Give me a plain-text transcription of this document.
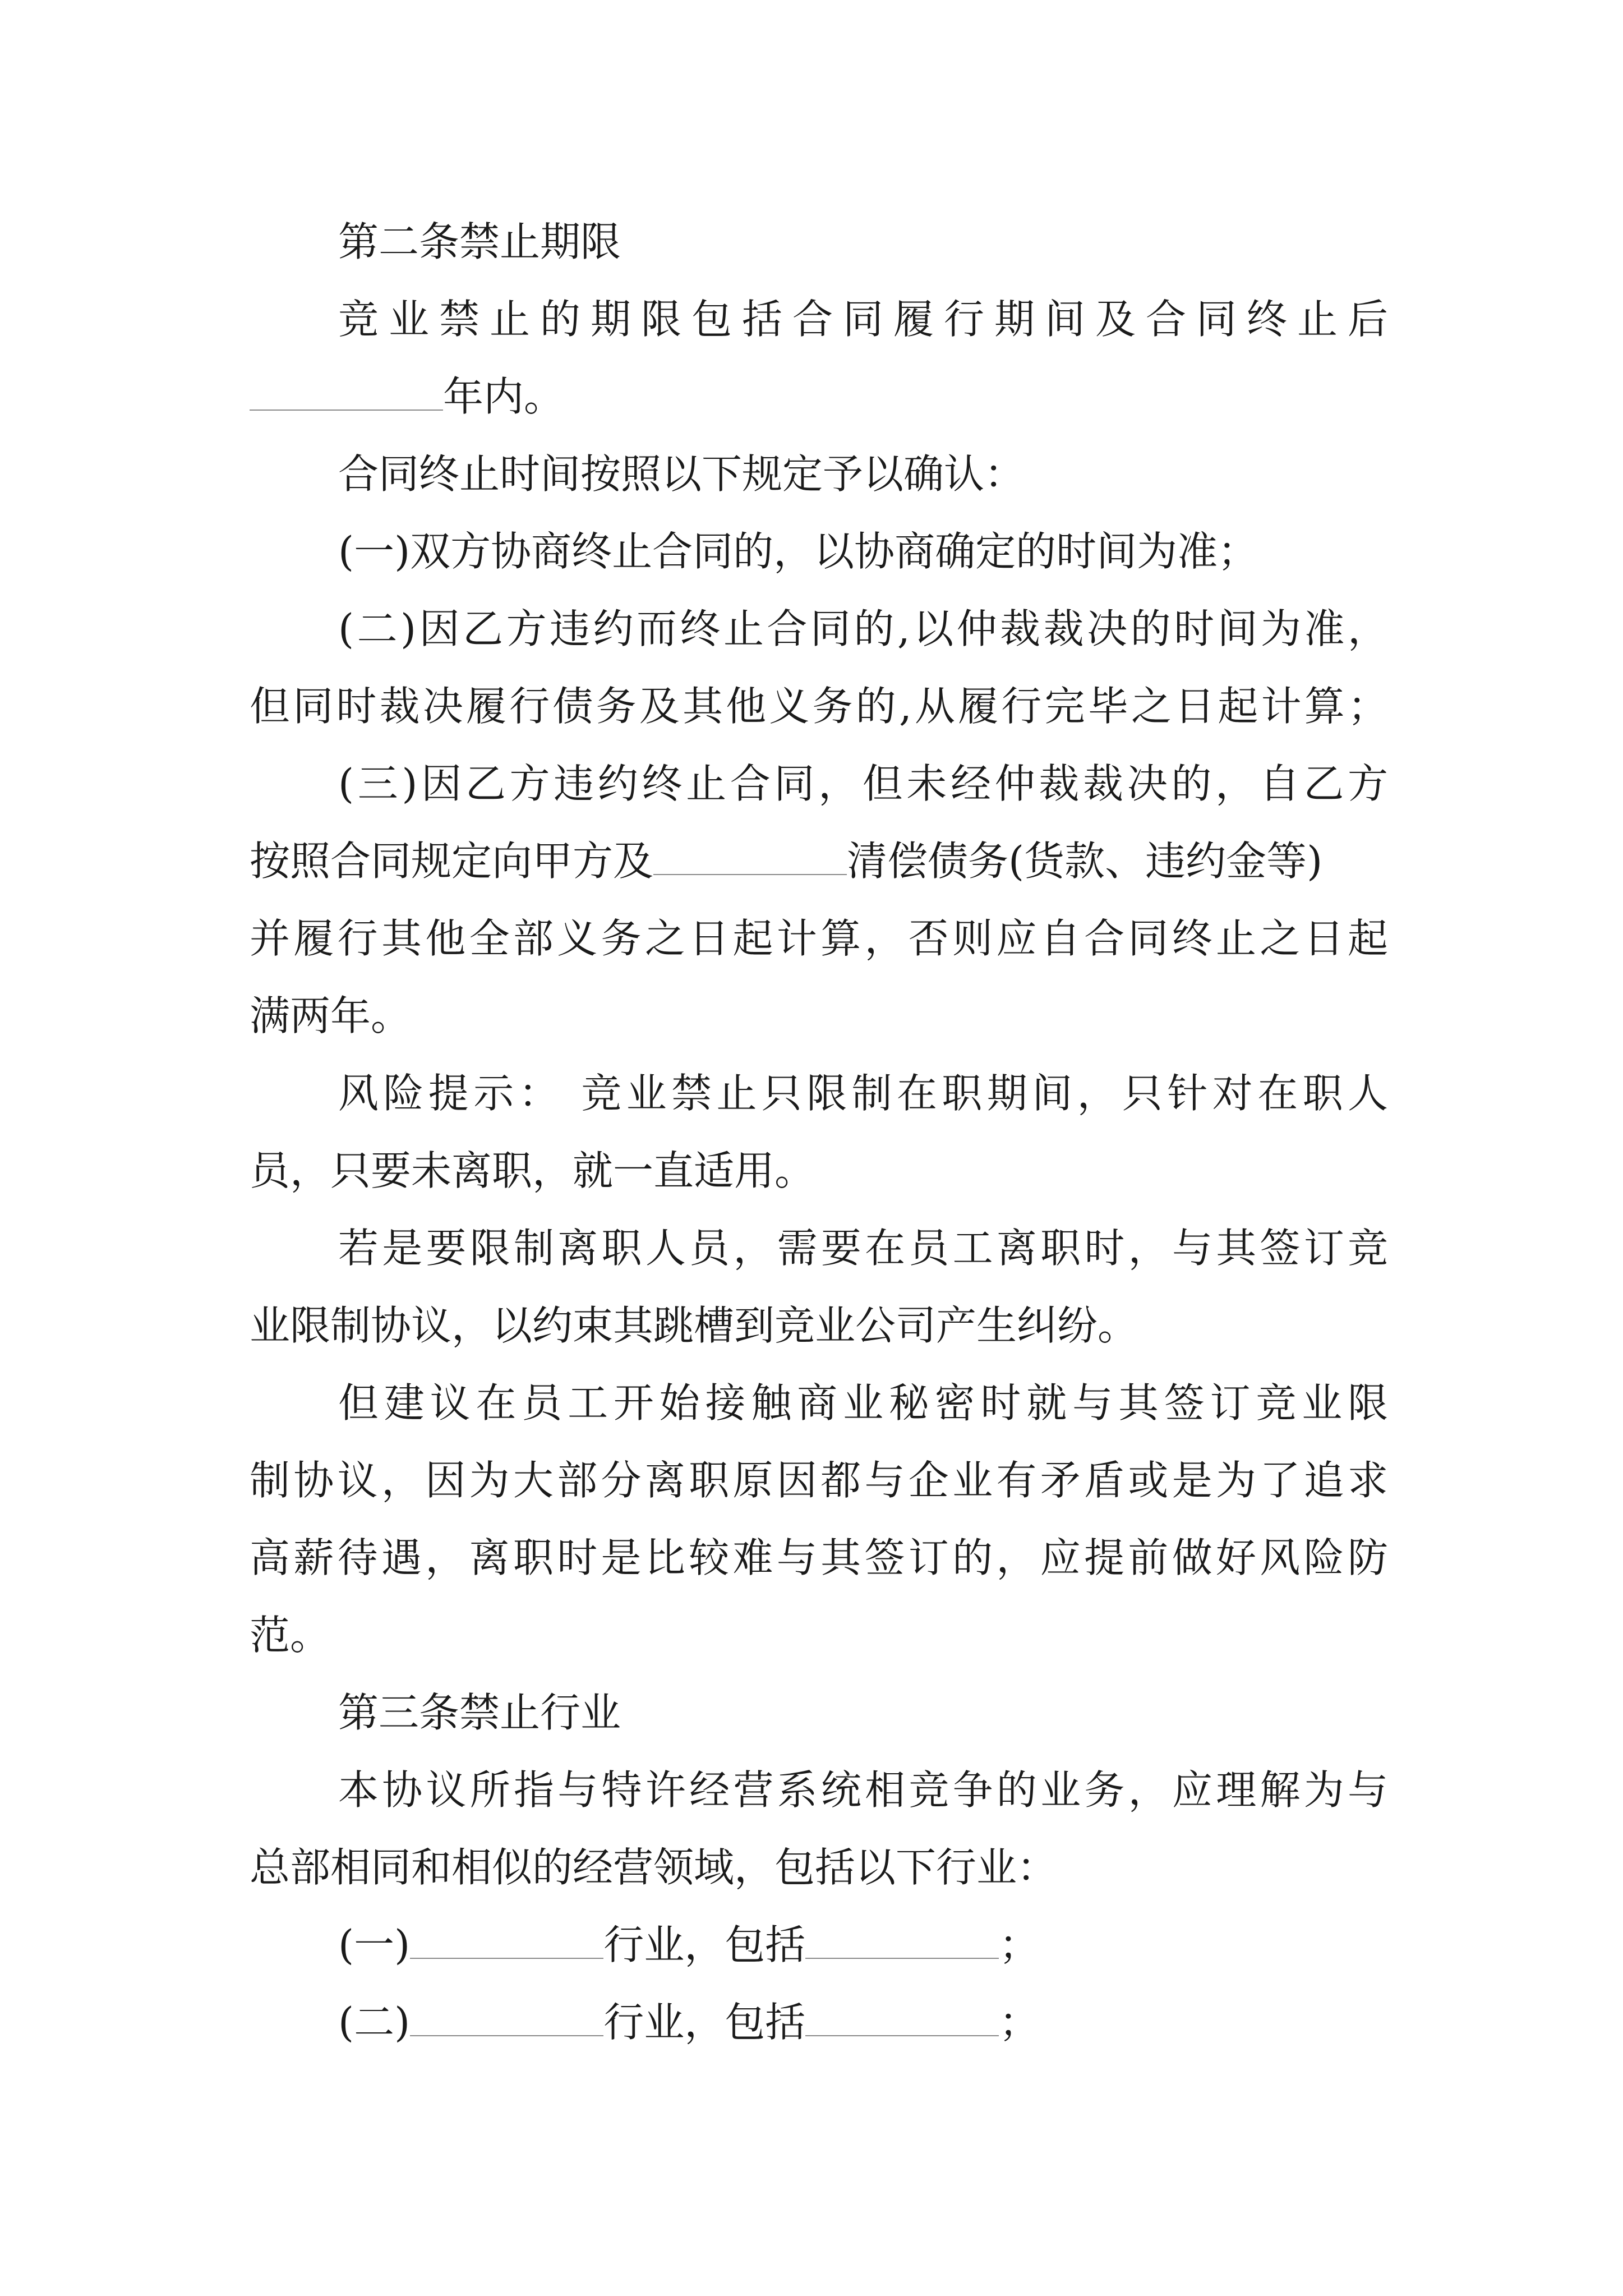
第二条禁止期限
竞业禁止的期限包括合同履行期间及合同终止后
年内。
合同终止时间按照以下规定予以确认：
(一)双方协商终止合同的，以协商确定的时间为准；
(二)因乙方违约而终止合同的,以仲裁裁决的时间为准，
但同时裁决履行债务及其他义务的,从履行完毕之日起计算；
(三)因乙方违约终止合同，但未经仲裁裁决的，自乙方
按照合同规定向甲方及	清偿债务(货款、违约金等)
并履行其他全部义务之日起计算，否则应自合同终止之日起
满两年。
风险提示： 竞业禁止只限制在职期间，只针对在职人
员，只要未离职，就一直适用。
若是要限制离职人员，需要在员工离职时，与其签订竞
业限制协议，以约束其跳槽到竞业公司产生纠纷。
但建议在员工开始接触商业秘密时就与其签订竞业限
制协议，因为大部分离职原因都与企业有矛盾或是为了追求
高薪待遇，离职时是比较难与其签订的，应提前做好风险防
范。
第三条禁止行业
本协议所指与特许经营系统相竞争的业务，应理解为与
总部相同和相似的经营领域，包括以下行业：
(一)	行业，包括	；
(二)	行业，包括	；
